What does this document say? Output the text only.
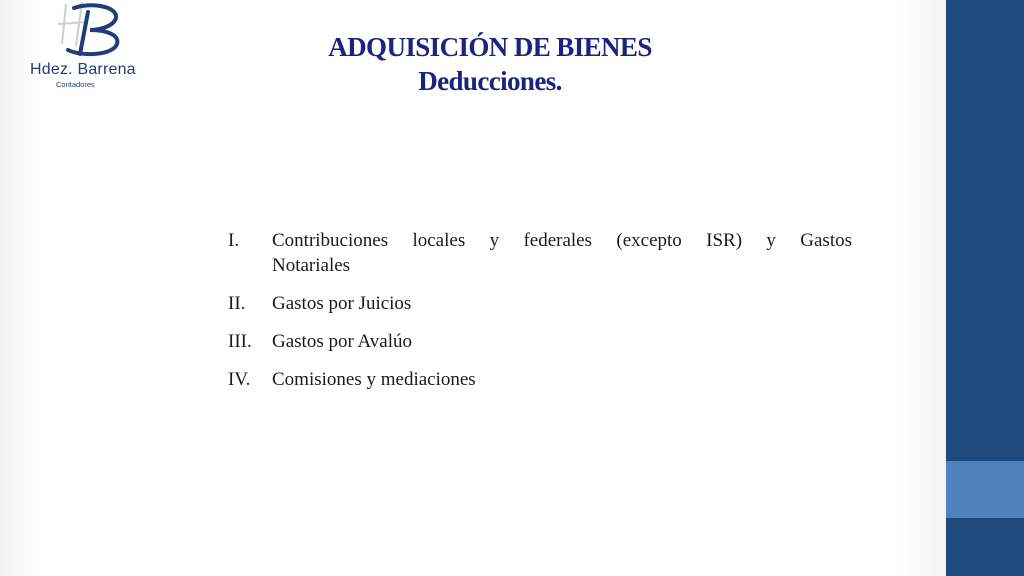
Hdez. Barrena
Contadores
ADQUISICIÓN DE BIENES
Deducciones.
I.	Contribuciones locales y federales (excepto ISR) y Gastos Notariales
II.	Gastos por Juicios
III.	Gastos por Avalúo
IV.	Comisiones y mediaciones
